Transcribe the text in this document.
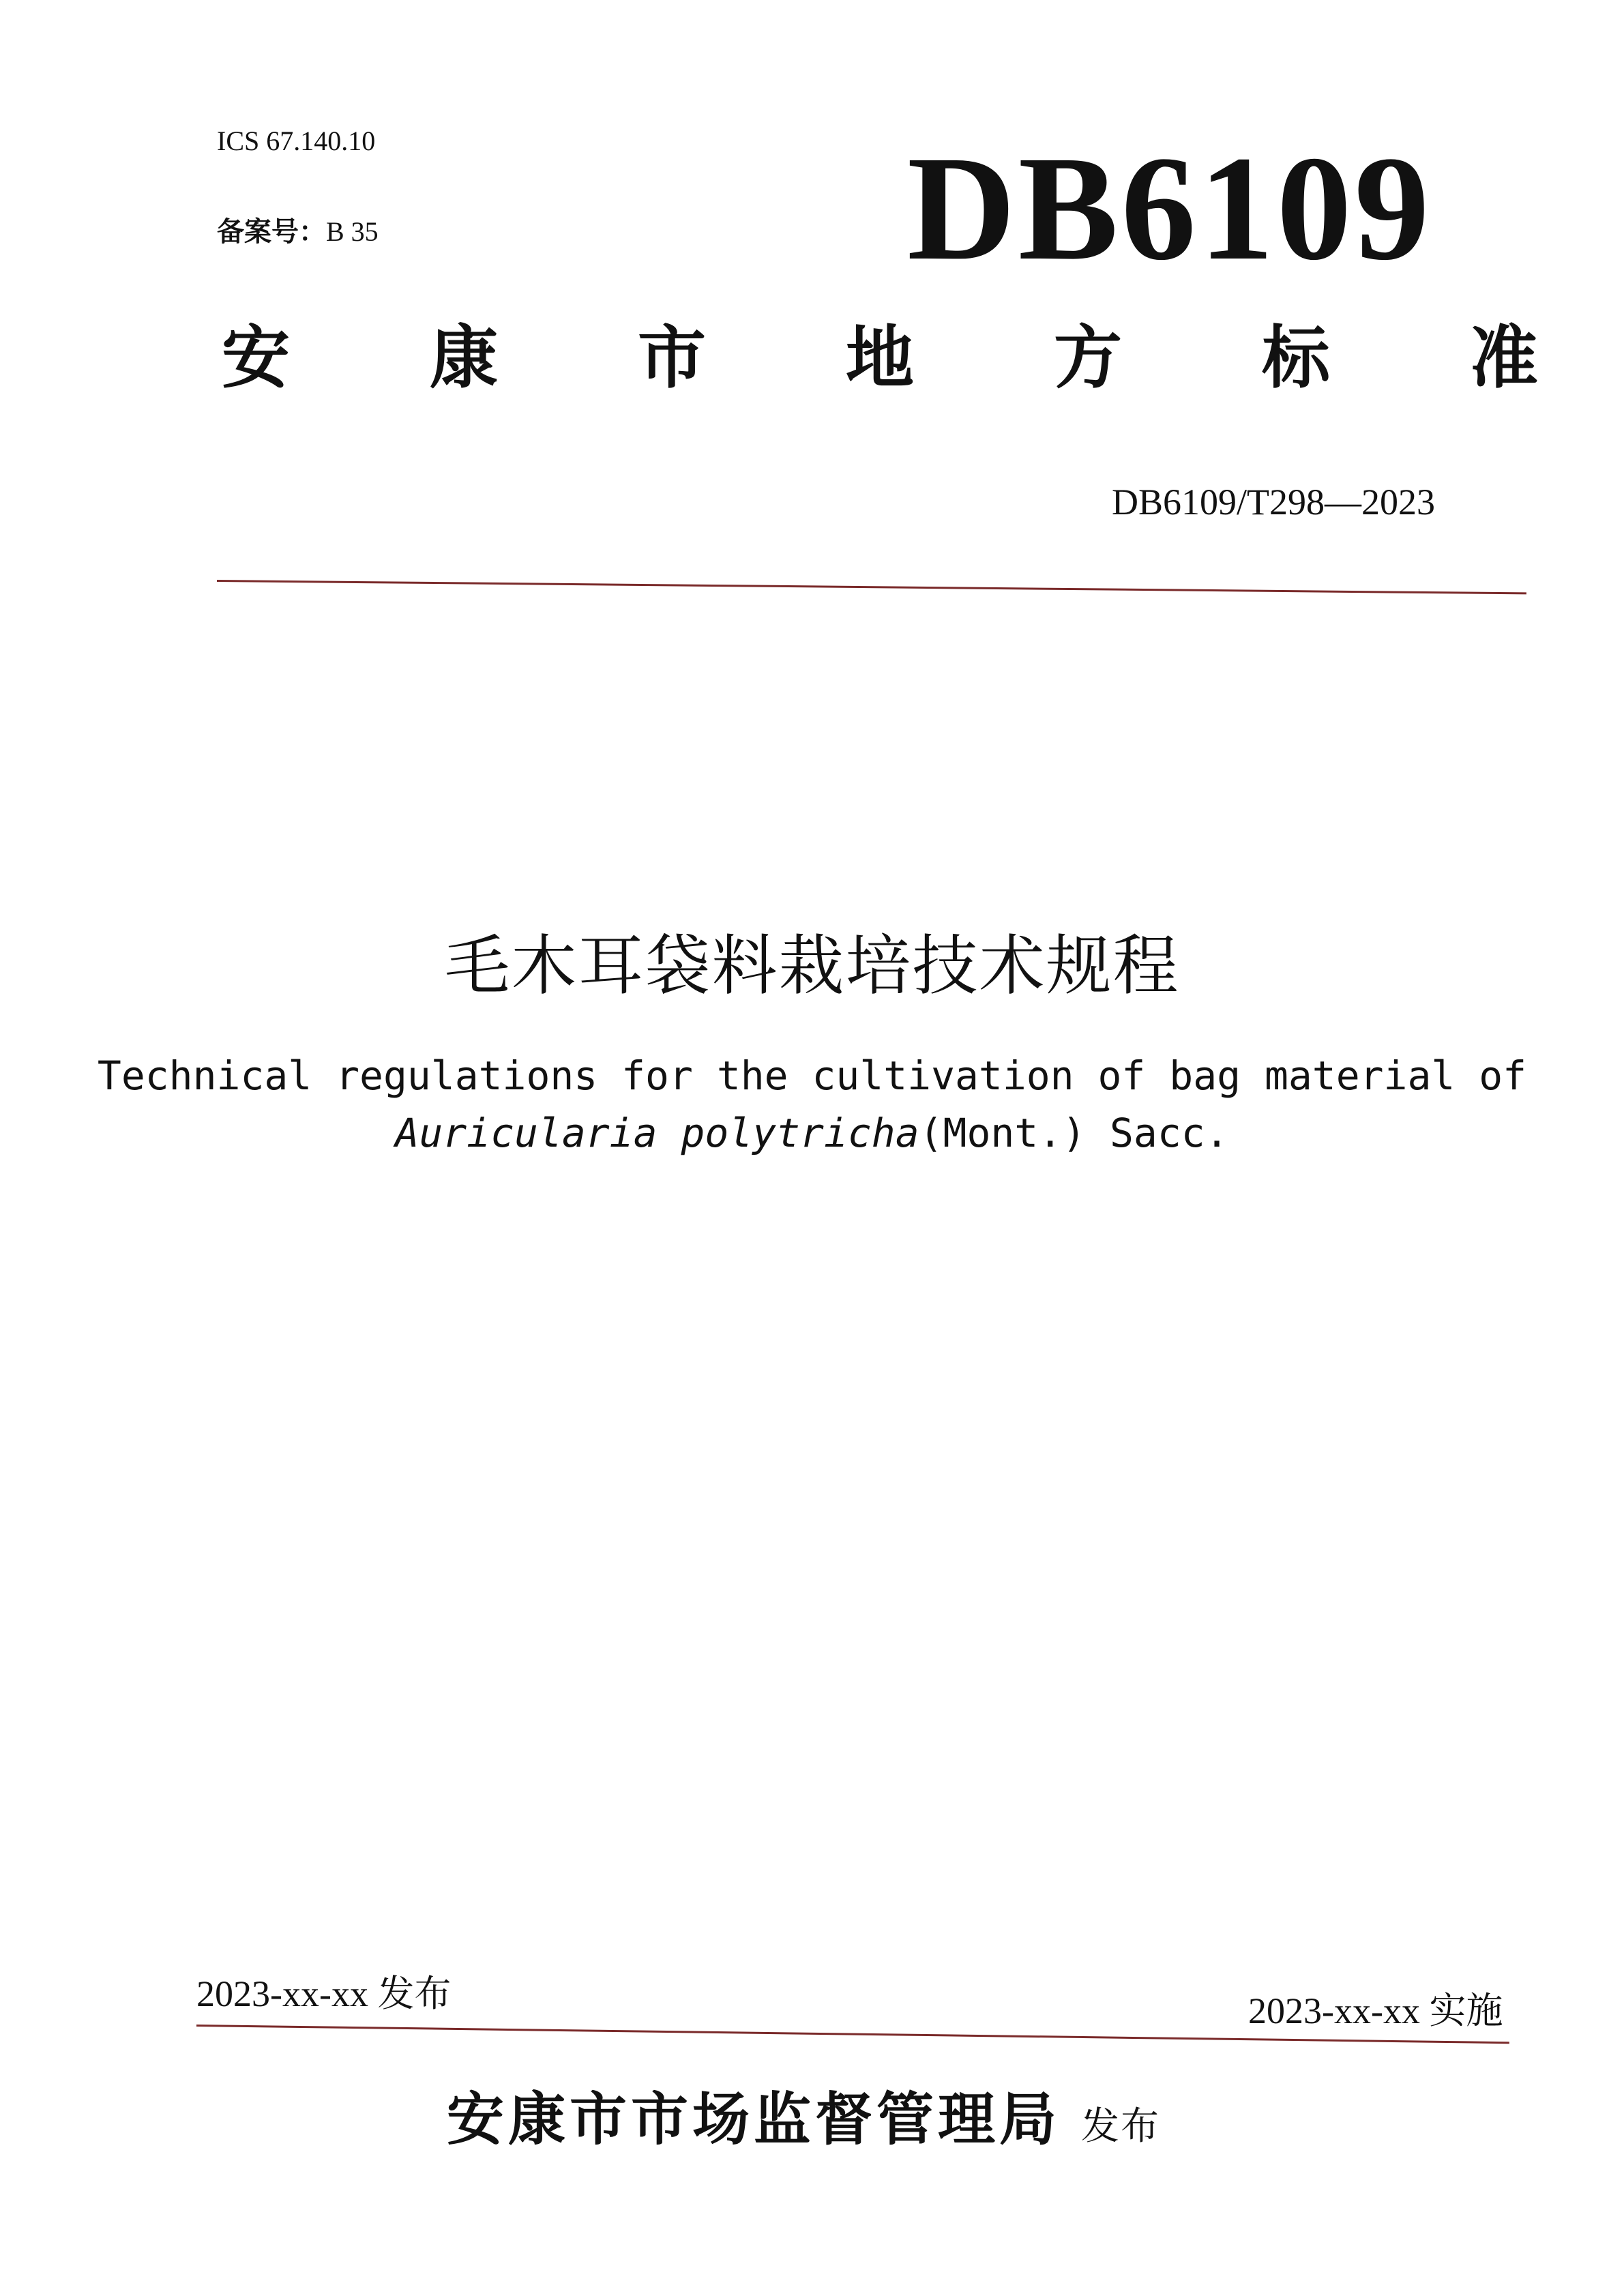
ICS 67.140.10
备案号：B 35	DB6109
安 康 市 地 方 标 准
DB6109/T298—2023
毛木耳袋料栽培技术规程
Technical regulations for the cultivation of bag material of
Auricularia polytricha(Mont.) Sacc.
2023-xx-xx 发布	2023-xx-xx 实施
安康市市场监督管理局 发布
